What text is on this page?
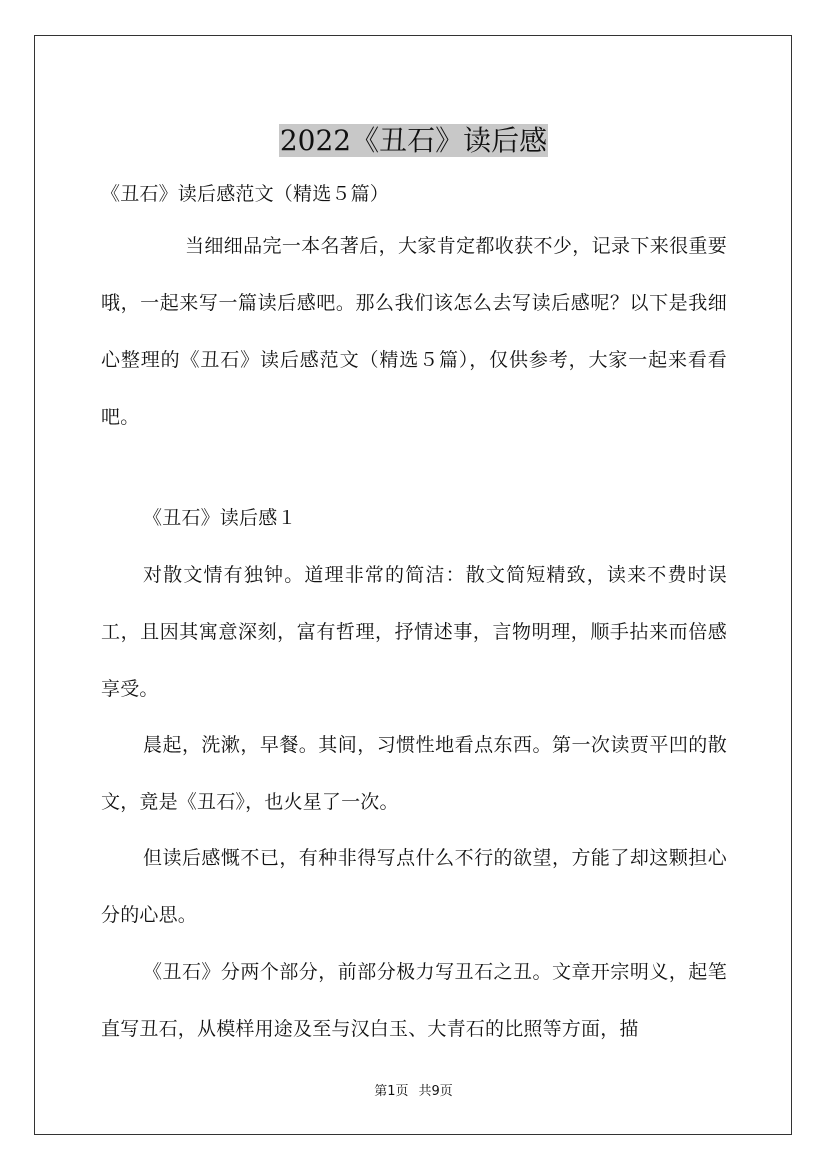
2022《丑石》读后感

《丑石》读后感范文（精选５篇）

当细细品完一本名著后，大家肯定都收获不少，记录下来很重要哦，一起来写一篇读后感吧。那么我们该怎么去写读后感呢？以下是我细心整理的《丑石》读后感范文（精选５篇），仅供参考，大家一起来看看吧。

《丑石》读后感１

对散文情有独钟。道理非常的简洁：散文简短精致，读来不费时误工，且因其寓意深刻，富有哲理，抒情述事，言物明理，顺手拈来而倍感享受。

晨起，洗漱，早餐。其间，习惯性地看点东西。第一次读贾平凹的散文，竟是《丑石》，也火星了一次。

但读后感慨不已，有种非得写点什么不行的欲望，方能了却这颗担心分的心思。

《丑石》分两个部分，前部分极力写丑石之丑。文章开宗明义，起笔直写丑石，从模样用途及至与汉白玉、大青石的比照等方面，描

第1页 共9页
